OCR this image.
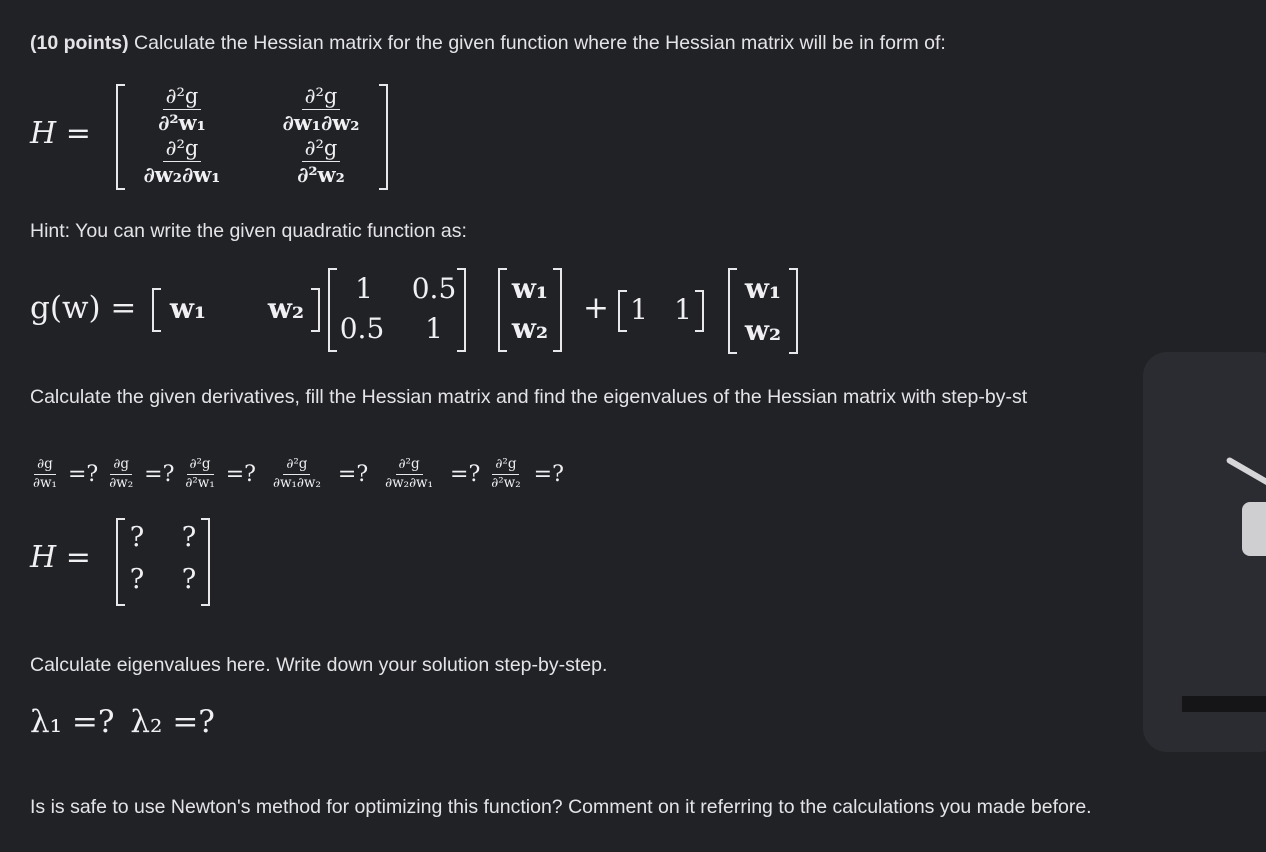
(10 points) Calculate the Hessian matrix for the given function where the Hessian matrix will be in form of:
H =
$\frac{\text{∂²g}}{\text{∂²w₁}}$	$\frac{\text{∂²g}}{\text{∂w₁∂w₂}}$
$\frac{\text{∂²g}}{\text{∂w₂∂w₁}}$	$\frac{\text{∂²g}}{\text{∂²w₂}}$
Hint: You can write the given quadratic function as:
g(w) = w₁ w₂
1	0.5
0.5	1
w₁
w₂
+ 1 1
w₁
w₂
Calculate the given derivatives, fill the Hessian matrix and find the eigenvalues of the Hessian matrix with step-by-st
$\frac{\partial g}{\text{∂w₁}}$ =? $\frac{\partial g}{\text{∂w₂}}$ =? $\frac{\text{∂²g}}{\text{∂²w₁}}$ =? $\frac{\text{∂²g}}{\text{∂w₁∂w₂}}$ =? $\frac{\text{∂²g}}{\text{∂w₂∂w₁}}$ =? $\frac{\text{∂²g}}{\text{∂²w₂}}$ =?
H =
? ?
? ?
Calculate eigenvalues here. Write down your solution step-by-step.
λ₁ =? λ₂ =?
Is is safe to use Newton's method for optimizing this function? Comment on it referring to the calculations you made before.
